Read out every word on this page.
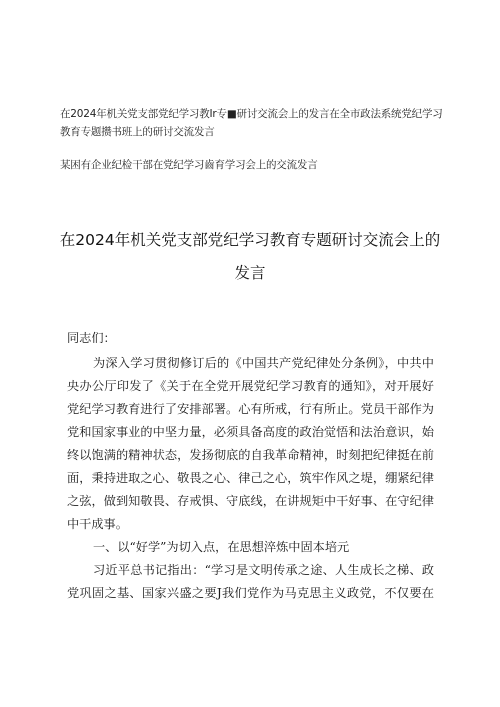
在2024年机关党支部党纪学习教Ir专■研讨交流会上的发言在全市政法系统党纪学习
教育专题攒书班上的研讨交流发言
某困有企业纪检干部在党纪学习齒育学习会上的交流发言
在2024年机关党支部党纪学习教育专题研讨交流会上的
发言
同志们：
为深入学习贯彻修订后的《中国共产党纪律处分条例》，中共中
央办公厅印发了《关于在全党开展党纪学习教育的通知》，对开展好
党纪学习教育进行了安排部署。心有所戒，行有所止。党员干部作为
党和国家事业的中坚力量，必须具备高度的政治觉悟和法治意识，始
终以饱满的精神状态，发扬彻底的自我革命精神，时刻把纪律挺在前
面，秉持进取之心、敬畏之心、律己之心，筑牢作风之堤，绷紧纪律
之弦，做到知敬畏、存戒惧、守底线，在讲规矩中干好事、在守纪律
中干成事。
一、以“好学”为切入点，在思想淬炼中固本培元
习近平总书记指出：“学习是文明传承之途、人生成长之梯、政
党巩固之基、国家兴盛之要J我们党作为马克思主义政党，不仅要在
